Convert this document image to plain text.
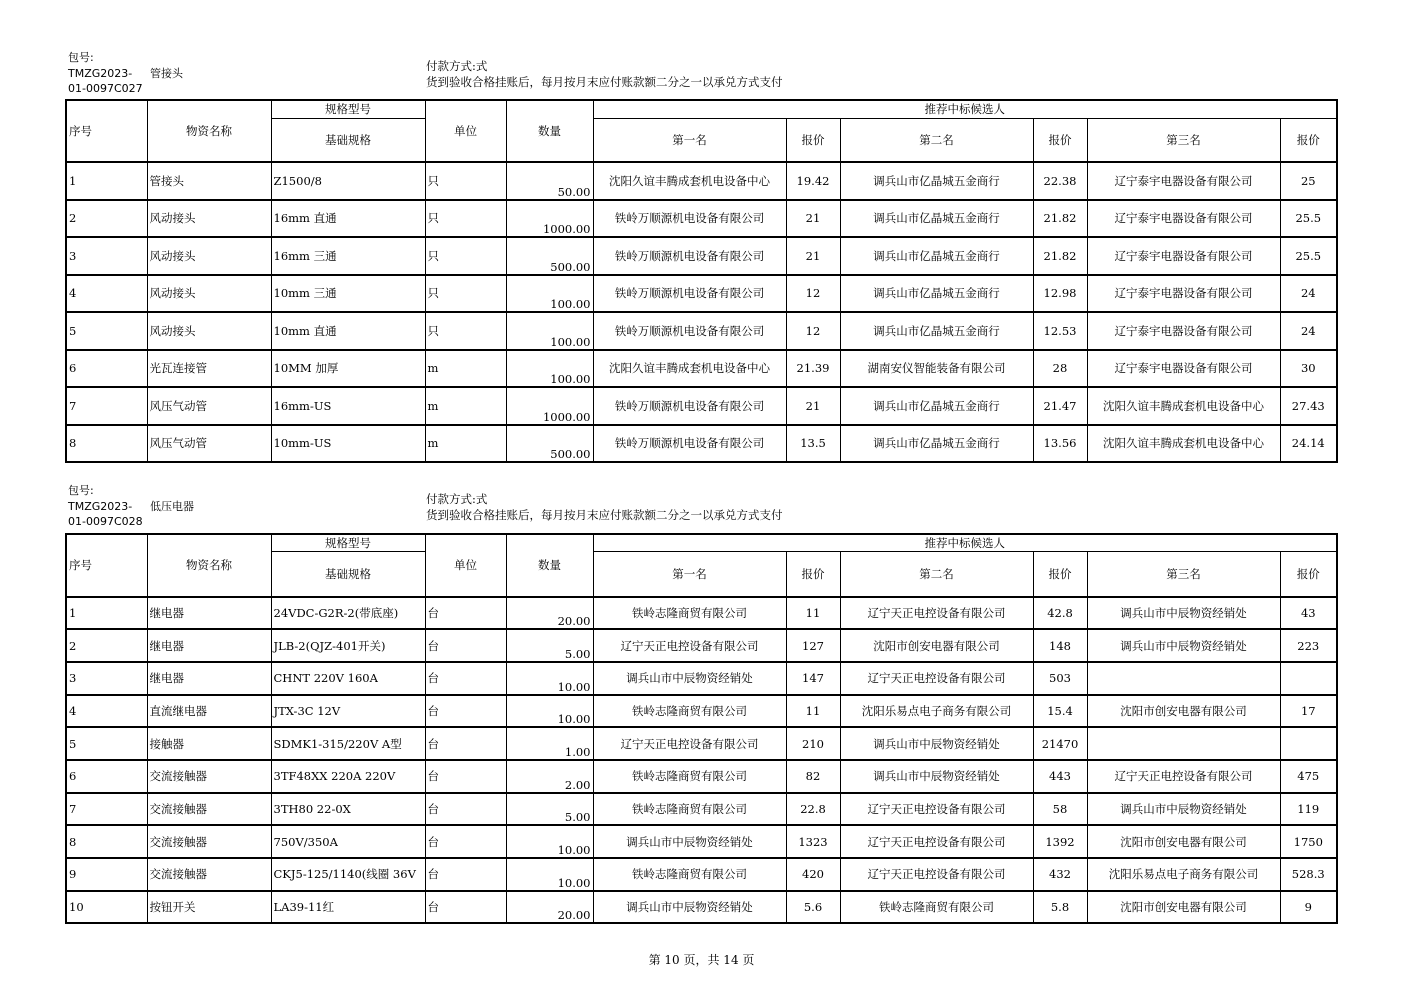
包号:
TMZG2023-
01-0097C027
管接头
付款方式:式
货到验收合格挂账后，每月按月末应付账款额二分之一以承兑方式支付
序号	物资名称	规格型号	单位	数量	推荐中标候选人					
		基础规格			第一名	报价	第二名	报价	第三名	报价
1	管接头	Z1500/8	只	50.00	沈阳久谊丰腾成套机电设备中心	19.42	调兵山市亿晶城五金商行	22.38	辽宁泰宇电器设备有限公司	25
2	风动接头	16mm 直通	只	1000.00	铁岭万顺源机电设备有限公司	21	调兵山市亿晶城五金商行	21.82	辽宁泰宇电器设备有限公司	25.5
3	风动接头	16mm 三通	只	500.00	铁岭万顺源机电设备有限公司	21	调兵山市亿晶城五金商行	21.82	辽宁泰宇电器设备有限公司	25.5
4	风动接头	10mm 三通	只	100.00	铁岭万顺源机电设备有限公司	12	调兵山市亿晶城五金商行	12.98	辽宁泰宇电器设备有限公司	24
5	风动接头	10mm 直通	只	100.00	铁岭万顺源机电设备有限公司	12	调兵山市亿晶城五金商行	12.53	辽宁泰宇电器设备有限公司	24
6	光瓦连接管	10MM 加厚	m	100.00	沈阳久谊丰腾成套机电设备中心	21.39	湖南安仪智能装备有限公司	28	辽宁泰宇电器设备有限公司	30
7	风压气动管	16mm-US	m	1000.00	铁岭万顺源机电设备有限公司	21	调兵山市亿晶城五金商行	21.47	沈阳久谊丰腾成套机电设备中心	27.43
8	风压气动管	10mm-US	m	500.00	铁岭万顺源机电设备有限公司	13.5	调兵山市亿晶城五金商行	13.56	沈阳久谊丰腾成套机电设备中心	24.14
包号:
TMZG2023-
01-0097C028
低压电器
付款方式:式
货到验收合格挂账后，每月按月末应付账款额二分之一以承兑方式支付
序号	物资名称	规格型号	单位	数量	推荐中标候选人					
		基础规格			第一名	报价	第二名	报价	第三名	报价
1	继电器	24VDC-G2R-2(带底座)	台	20.00	铁岭志隆商贸有限公司	11	辽宁天正电控设备有限公司	42.8	调兵山市中辰物资经销处	43
2	继电器	JLB-2(QJZ-401开关)	台	5.00	辽宁天正电控设备有限公司	127	沈阳市创安电器有限公司	148	调兵山市中辰物资经销处	223
3	继电器	CHNT 220V 160A	台	10.00	调兵山市中辰物资经销处	147	辽宁天正电控设备有限公司	503		
4	直流继电器	JTX-3C 12V	台	10.00	铁岭志隆商贸有限公司	11	沈阳乐易点电子商务有限公司	15.4	沈阳市创安电器有限公司	17
5	接触器	SDMK1-315/220V A型	台	1.00	辽宁天正电控设备有限公司	210	调兵山市中辰物资经销处	21470		
6	交流接触器	3TF48XX 220A 220V	台	2.00	铁岭志隆商贸有限公司	82	调兵山市中辰物资经销处	443	辽宁天正电控设备有限公司	475
7	交流接触器	3TH80 22-0X	台	5.00	铁岭志隆商贸有限公司	22.8	辽宁天正电控设备有限公司	58	调兵山市中辰物资经销处	119
8	交流接触器	750V/350A	台	10.00	调兵山市中辰物资经销处	1323	辽宁天正电控设备有限公司	1392	沈阳市创安电器有限公司	1750
9	交流接触器	CKJ5-125/1140(线圈 36V	台	10.00	铁岭志隆商贸有限公司	420	辽宁天正电控设备有限公司	432	沈阳乐易点电子商务有限公司	528.3
10	按钮开关	LA39-11红	台	20.00	调兵山市中辰物资经销处	5.6	铁岭志隆商贸有限公司	5.8	沈阳市创安电器有限公司	9
第 10 页，共 14 页
